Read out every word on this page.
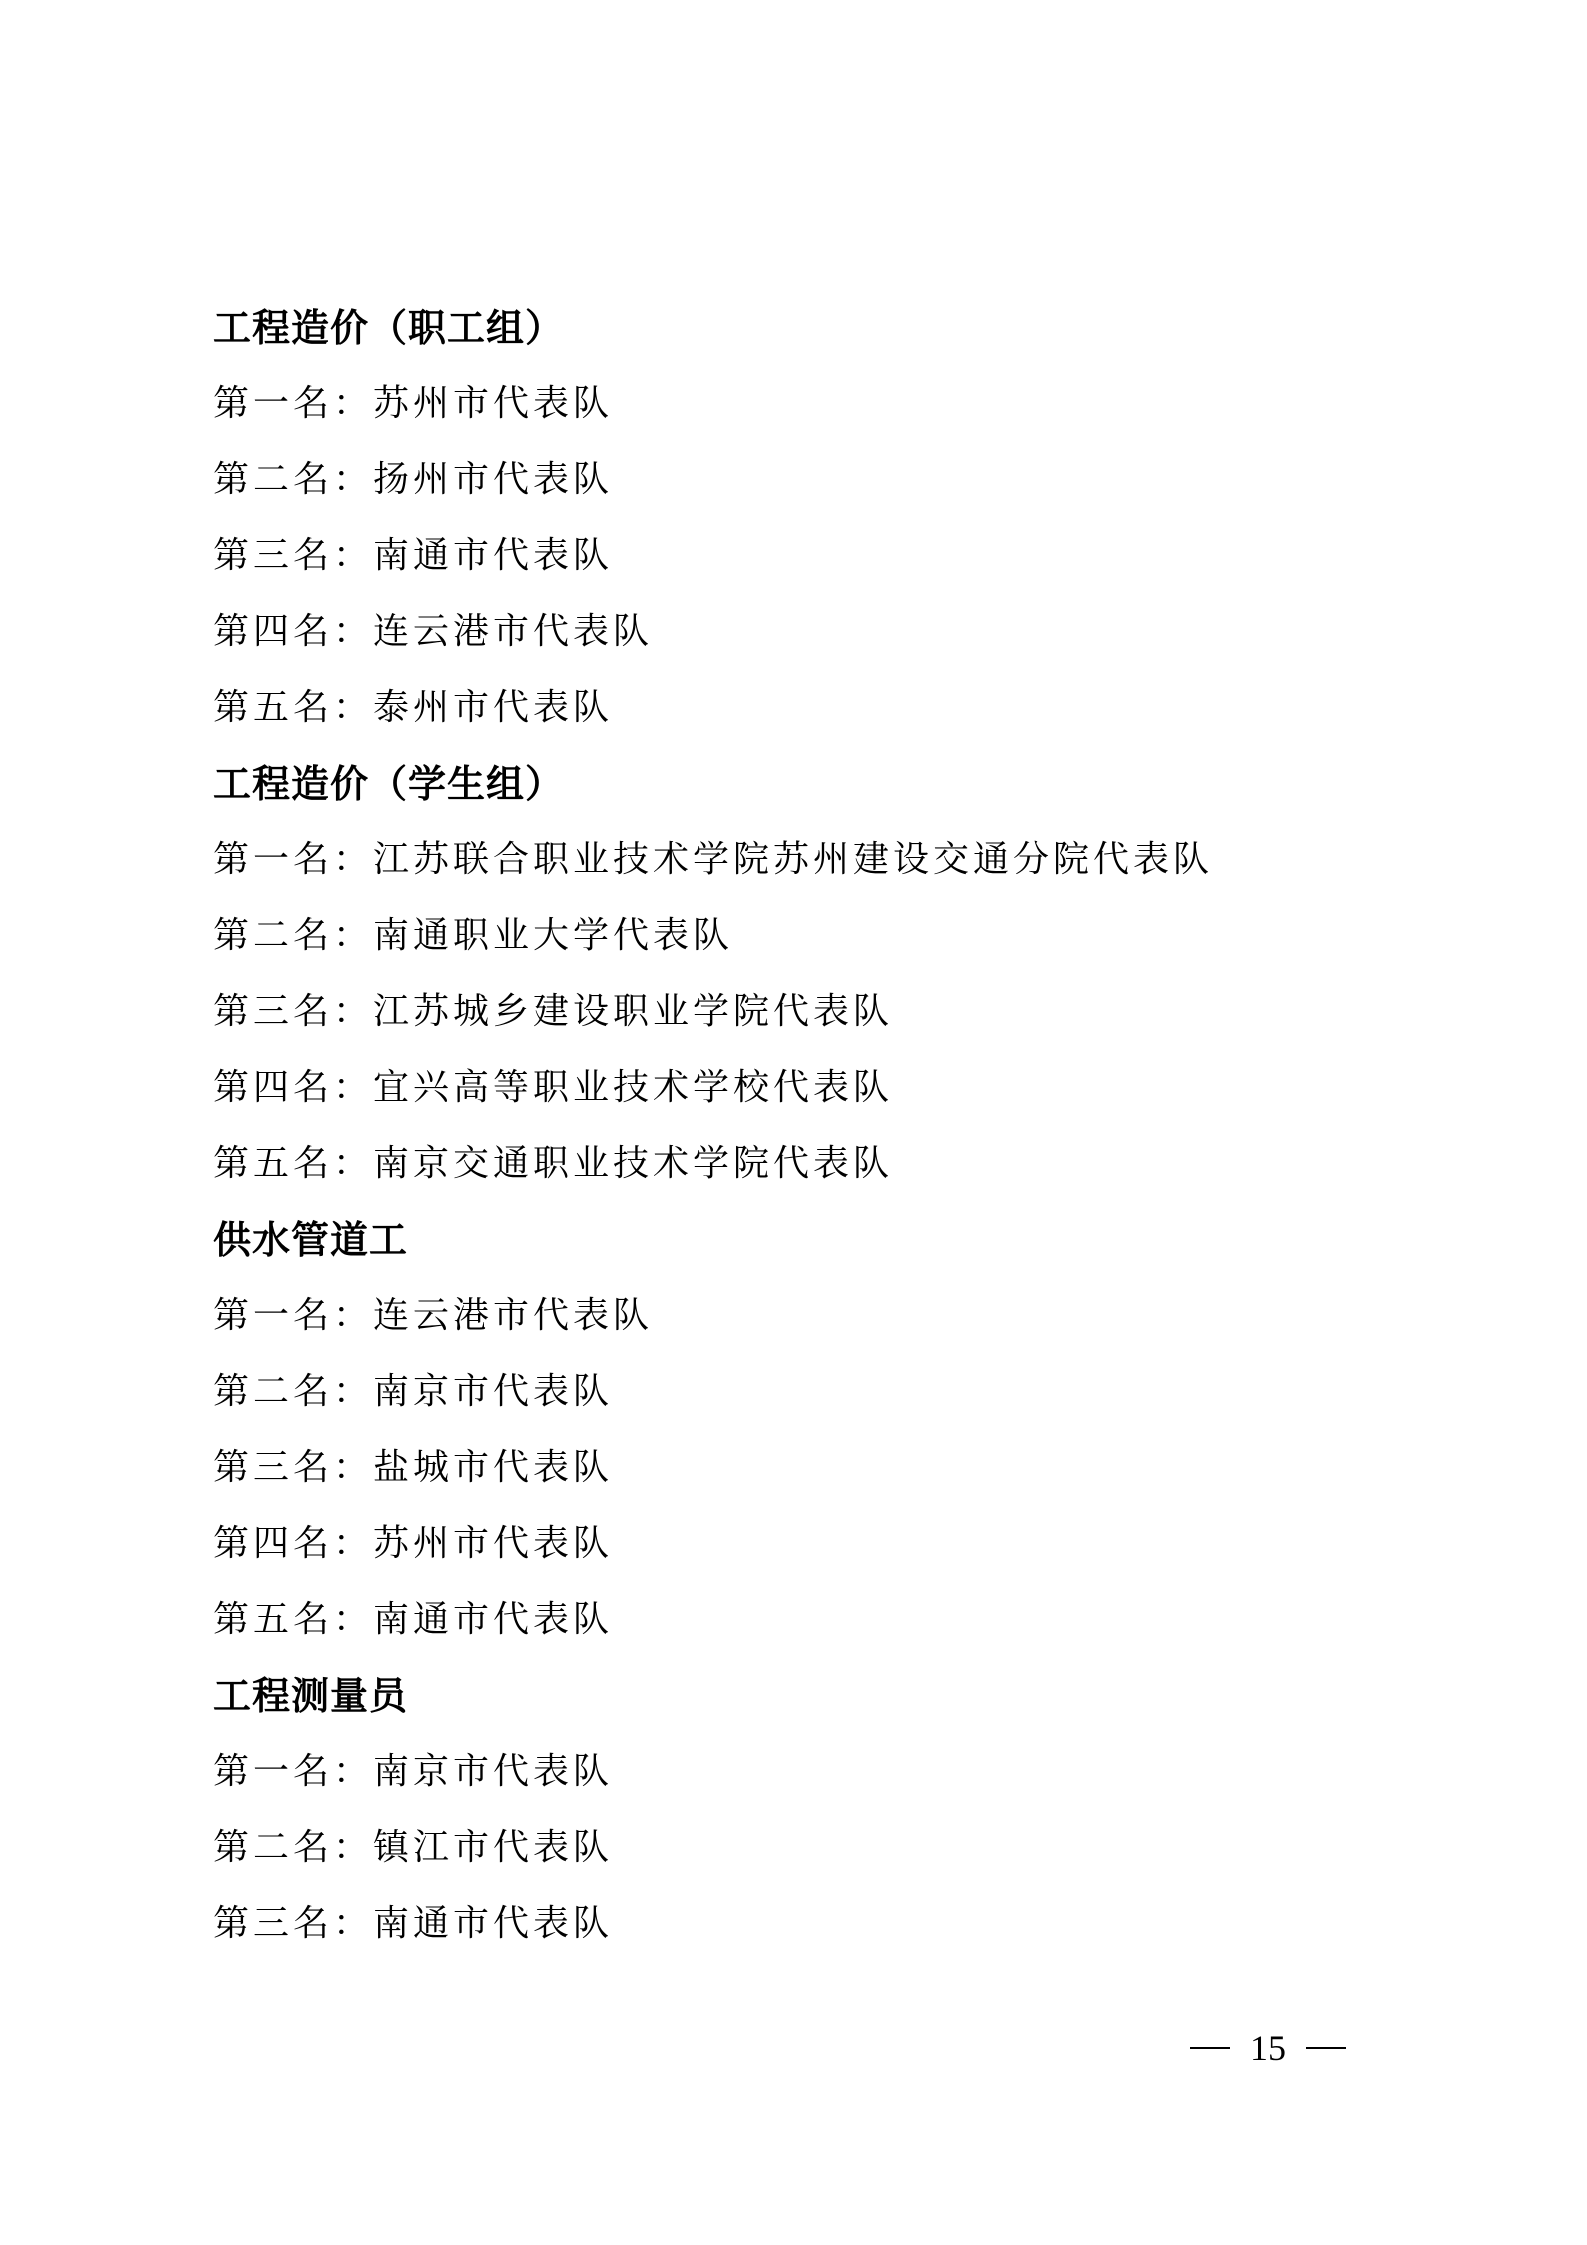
工程造价（职工组）
第一名：苏州市代表队
第二名：扬州市代表队
第三名：南通市代表队
第四名：连云港市代表队
第五名：泰州市代表队
工程造价（学生组）
第一名：江苏联合职业技术学院苏州建设交通分院代表队
第二名：南通职业大学代表队
第三名：江苏城乡建设职业学院代表队
第四名：宜兴高等职业技术学校代表队
第五名：南京交通职业技术学院代表队
供水管道工
第一名：连云港市代表队
第二名：南京市代表队
第三名：盐城市代表队
第四名：苏州市代表队
第五名：南通市代表队
工程测量员
第一名：南京市代表队
第二名：镇江市代表队
第三名：南通市代表队
15
